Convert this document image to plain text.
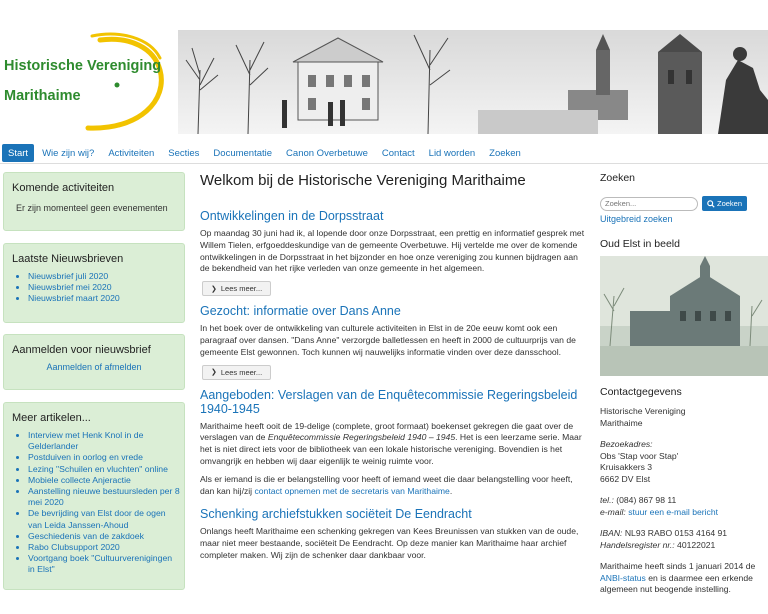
Historische Vereniging
Marithaime
Start	Wie zijn wij?	Activiteiten	Secties	Documentatie	Canon Overbetuwe	Contact	Lid worden	Zoeken
Komende activiteiten

Er zijn momenteel geen evenementen

Laatste Nieuwsbrieven
• Nieuwsbrief juli 2020
• Nieuwsbrief mei 2020
• Nieuwsbrief maart 2020
Aanmelden voor nieuwsbrief
Aanmelden of afmelden
Meer artikelen...
• Interview met Henk Knol in de Gelderlander
• Postduiven in oorlog en vrede
• Lezing "Schuilen en vluchten" online
• Mobiele collecte Anjeractie
• Aanstelling nieuwe bestuursleden per 8 mei 2020
• De bevrijding van Elst door de ogen van Leida Janssen-Ahoud
• Geschiedenis van de zakdoek
• Rabo Clubsupport 2020
• Voortgang boek "Cultuurverenigingen in Elst"
Welkom bij de Historische Vereniging Marithaime
Ontwikkelingen in de Dorpsstraat

Op maandag 30 juni had ik, al lopende door onze Dorpsstraat, een prettig en informatief gesprek met Willem Tielen, erfgoeddeskundige van de gemeente Overbetuwe. Hij vertelde me over de komende ontwikkelingen in de Dorpsstraat in het bijzonder en hoe onze vereniging zou kunnen bijdragen aan de bekendheid van het rijke verleden van onze gemeente in het algemeen.

❯ Lees meer...
Gezocht: informatie over Dans Anne

In het boek over de ontwikkeling van culturele activiteiten in Elst in de 20e eeuw komt ook een paragraaf over dansen. "Dans Anne" verzorgde balletlessen en heeft in 2000 de cultuurprijs van de gemeente Elst gewonnen. Toch kunnen wij nauwelijks informatie vinden over deze dansschool.

❯ Lees meer...
Aangeboden: Verslagen van de Enquêtecommissie Regeringsbeleid 1940-1945

Marithaime heeft ooit de 19-delige (complete, groot formaat) boekenset gekregen die gaat over de verslagen van de Enquêtecommissie Regeringsbeleid 1940 – 1945. Het is een leerzame serie. Maar het is niet direct iets voor de bibliotheek van een lokale historische vereniging. Bovendien is het omvangrijk en hebben wij daar eigenlijk te weinig ruimte voor.

Als er iemand is die er belangstelling voor heeft of iemand weet die daar belangstelling voor heeft, dan kan hij/zij contact opnemen met de secretaris van Marithaime.

Schenking archiefstukken sociëteit De Eendracht

Onlangs heeft Marithaime een schenking gekregen van Kees Breunissen van stukken van de oude, maar niet meer bestaande, sociëteit De Eendracht. Op deze manier kan Marithaime haar archief completer maken. Wij zijn de schenker daar dankbaar voor.

Zoeken
Zoeken...
Zoeken
Uitgebreid zoeken
Oud Elst in beeld
Contactgegevens

Historische Vereniging

Marithaime

Bezoekadres:

Obs 'Stap voor Stap'

Kruisakkers 3

6662 DV Elst

tel.: (084) 867 98 11

e-mail: stuur een e-mail bericht

IBAN: NL93 RABO 0153 4164 91

Handelsregister nr.: 40122021

Marithaime heeft sinds 1 januari 2014 de ANBI-status en is daarmee een erkende algemeen nut beogende instelling.
